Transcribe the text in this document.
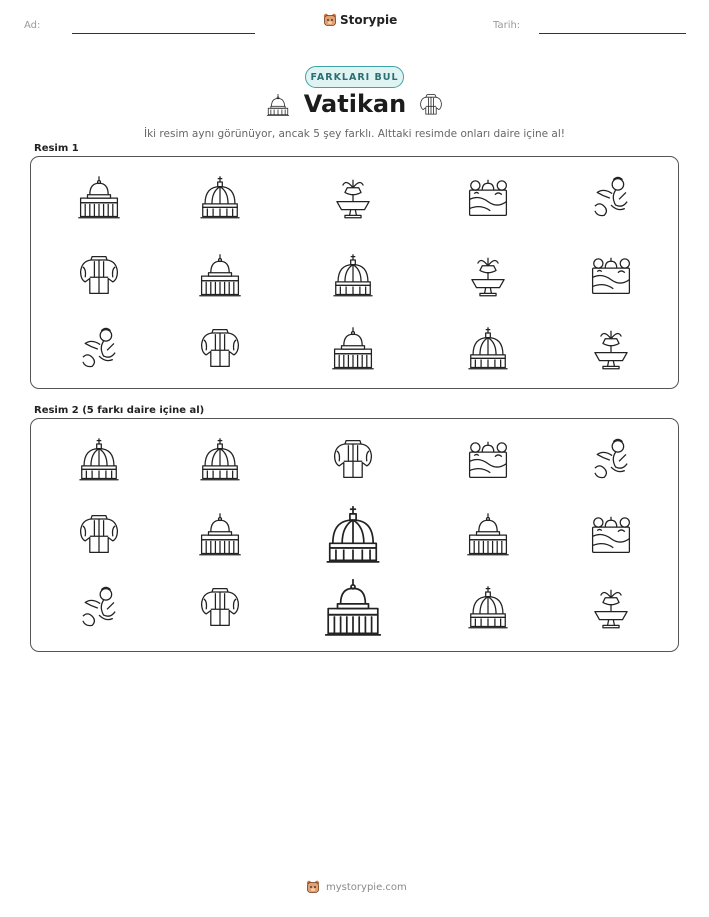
Ad:	Storypie	Tarih:
FARKLARI BUL
Vatikan
İki resim aynı görünüyor, ancak 5 şey farklı. Alttaki resimde onları daire içine al!
Resim 1
Resim 2 (5 farkı daire içine al)
mystorypie.com
